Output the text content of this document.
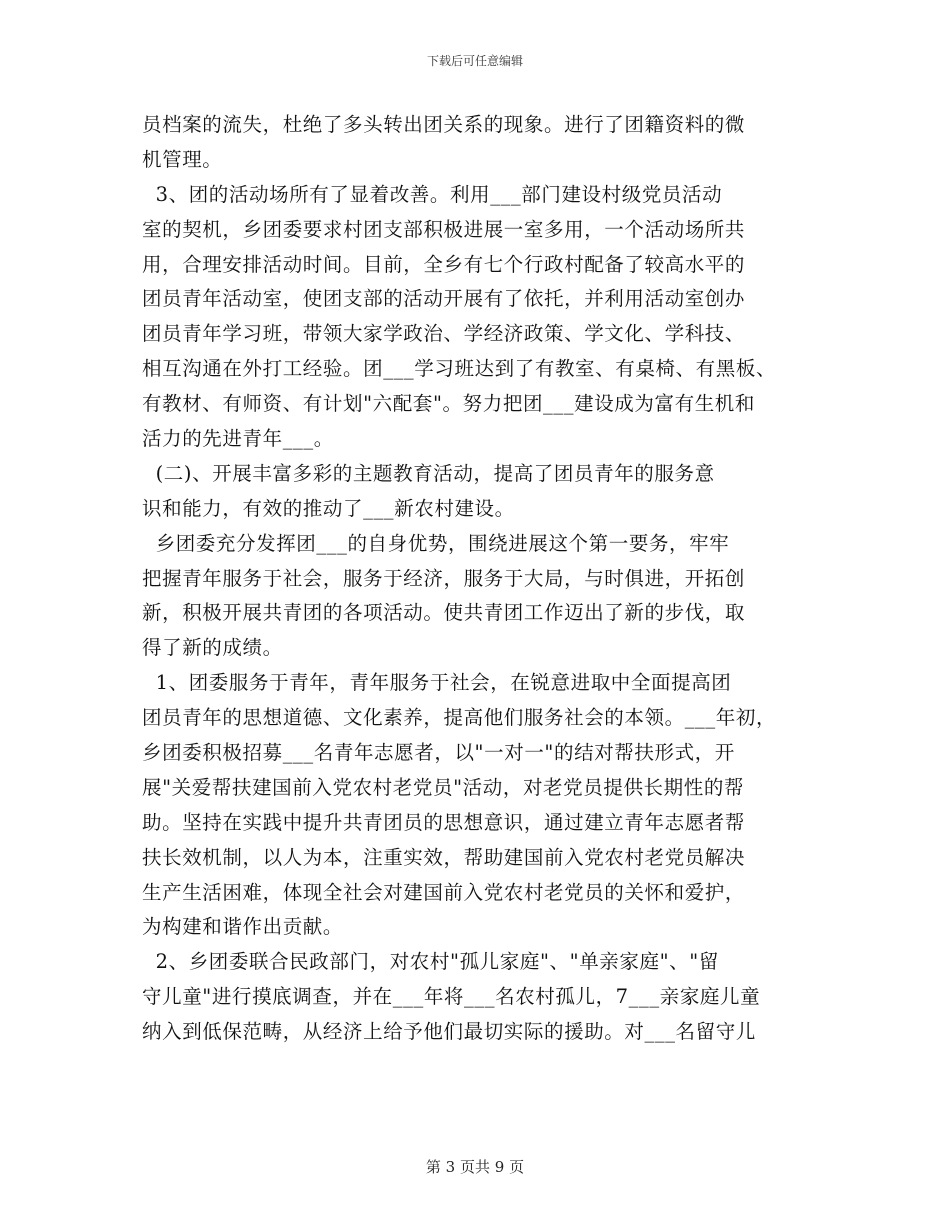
下载后可任意编辑
员档案的流失，杜绝了多头转出团关系的现象。进行了团籍资料的微
机管理。
3、团的活动场所有了显着改善。利用___部门建设村级党员活动
室的契机，乡团委要求村团支部积极进展一室多用，一个活动场所共
用，合理安排活动时间。目前，全乡有七个行政村配备了较高水平的
团员青年活动室，使团支部的活动开展有了依托，并利用活动室创办
团员青年学习班，带领大家学政治、学经济政策、学文化、学科技、
相互沟通在外打工经验。团___学习班达到了有教室、有桌椅、有黑板、
有教材、有师资、有计划"六配套"。努力把团___建设成为富有生机和
活力的先进青年___。
(二)、开展丰富多彩的主题教育活动，提高了团员青年的服务意
识和能力，有效的推动了___新农村建设。
乡团委充分发挥团___的自身优势，围绕进展这个第一要务，牢牢
把握青年服务于社会，服务于经济，服务于大局，与时俱进，开拓创
新，积极开展共青团的各项活动。使共青团工作迈出了新的步伐，取
得了新的成绩。
1、团委服务于青年，青年服务于社会，在锐意进取中全面提高团
团员青年的思想道德、文化素养，提高他们服务社会的本领。___年初，
乡团委积极招募___名青年志愿者，以"一对一"的结对帮扶形式，开
展"关爱帮扶建国前入党农村老党员"活动，对老党员提供长期性的帮
助。坚持在实践中提升共青团员的思想意识，通过建立青年志愿者帮
扶长效机制，以人为本，注重实效，帮助建国前入党农村老党员解决
生产生活困难，体现全社会对建国前入党农村老党员的关怀和爱护，
为构建和谐作出贡献。
2、乡团委联合民政部门，对农村"孤儿家庭"、"单亲家庭"、"留
守儿童"进行摸底调查，并在___年将___名农村孤儿，7___亲家庭儿童
纳入到低保范畴，从经济上给予他们最切实际的援助。对___名留守儿
第 3 页共 9 页
